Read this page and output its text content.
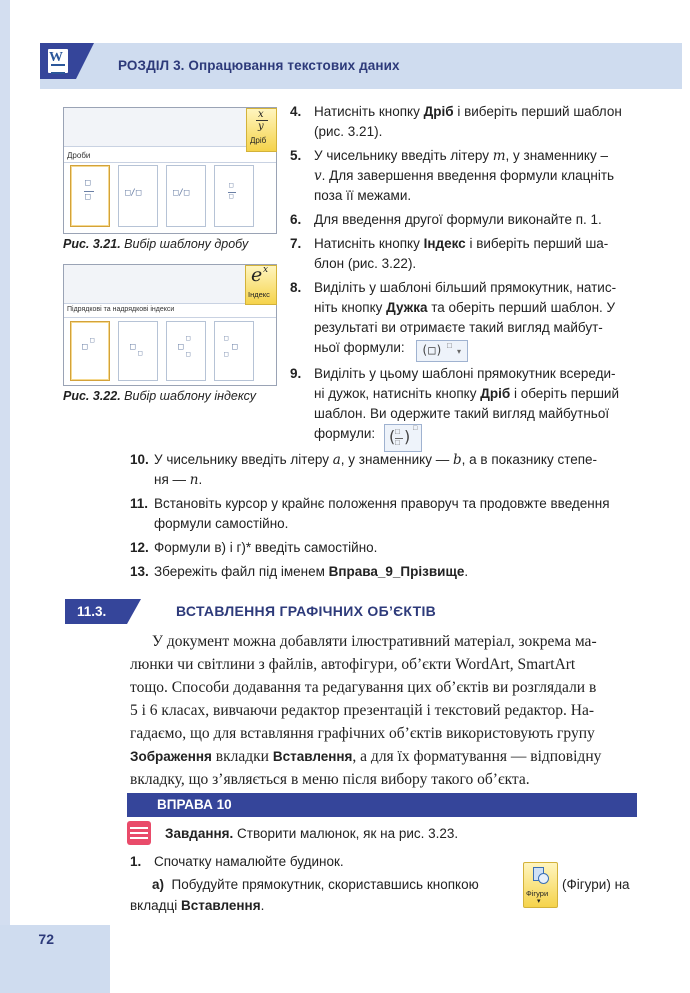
W
РОЗДІЛ 3. Опрацювання текстових даних
x
y
Дріб
Дроби
□
□	□/□	□/□
□
□
Рис. 3.21. Вибір шаблону дробу
e x
Індекс
Підрядкові та надрядкові індекси
□
□
□
□
□
□
□
□
□
□
Рис. 3.22. Вибір шаблону індексу
4. Натисніть кнопку Дріб і виберіть перший шаблон
(рис. 3.21).
5. У чисельнику введіть літеру m, у знаменнику –
v. Для завершення введення формули клацніть
поза її межами.
6. Для введення другої формули виконайте п. 1.
7. Натисніть кнопку Індекс і виберіть перший ша-
блон (рис. 3.22).
8. Виділіть у шаблоні більший прямокутник, натис-
ніть кнопку Дужка та оберіть перший шаблон. У
результаті ви отримаєте такий вигляд майбут-
ньої формули:	(□) □
▾
9. Виділіть у цьому шаблоні прямокутник всереди-
ні дужок, натисніть кнопку Дріб і оберіть перший
шаблон. Ви одержите такий вигляд майбутньої
формули: ( □
□ ) □
10. У чисельнику введіть літеру a, у знаменнику — b, а в показнику степе-
ня — n.
11. Встановіть курсор у крайнє положення праворуч та продовжте введення
формули самостійно.
12. Формули в) і г)* введіть самостійно.
13. Збережіть файл під іменем Вправа_9_Прізвище.
11.3.	ВСТАВЛЕННЯ ГРАФІЧНИХ ОБ’ЄКТІВ
У документ можна добавляти ілюстративний матеріал, зокрема ма-
люнки чи світлини з файлів, автофігури, об’єкти WordArt, SmartArt
тощо. Способи додавання та редагування цих об’єктів ви розглядали в
5 і 6 класах, вивчаючи редактор презентацій і текстовий редактор. На-
гадаємо, що для вставляння графічних об’єктів використовують групу
Зображення вкладки Вставлення, а для їх форматування — відповідну
вкладку, що з’являється в меню після вибору такого об’єкта.
ВПРАВА 10
Завдання. Створити малюнок, як на рис. 3.23.
1. Спочатку намалюйте будинок.
а) Побудуйте прямокутник, скориставшись кнопкою	(Фігури) на
вкладці Вставлення.
Фігури
▾
72
